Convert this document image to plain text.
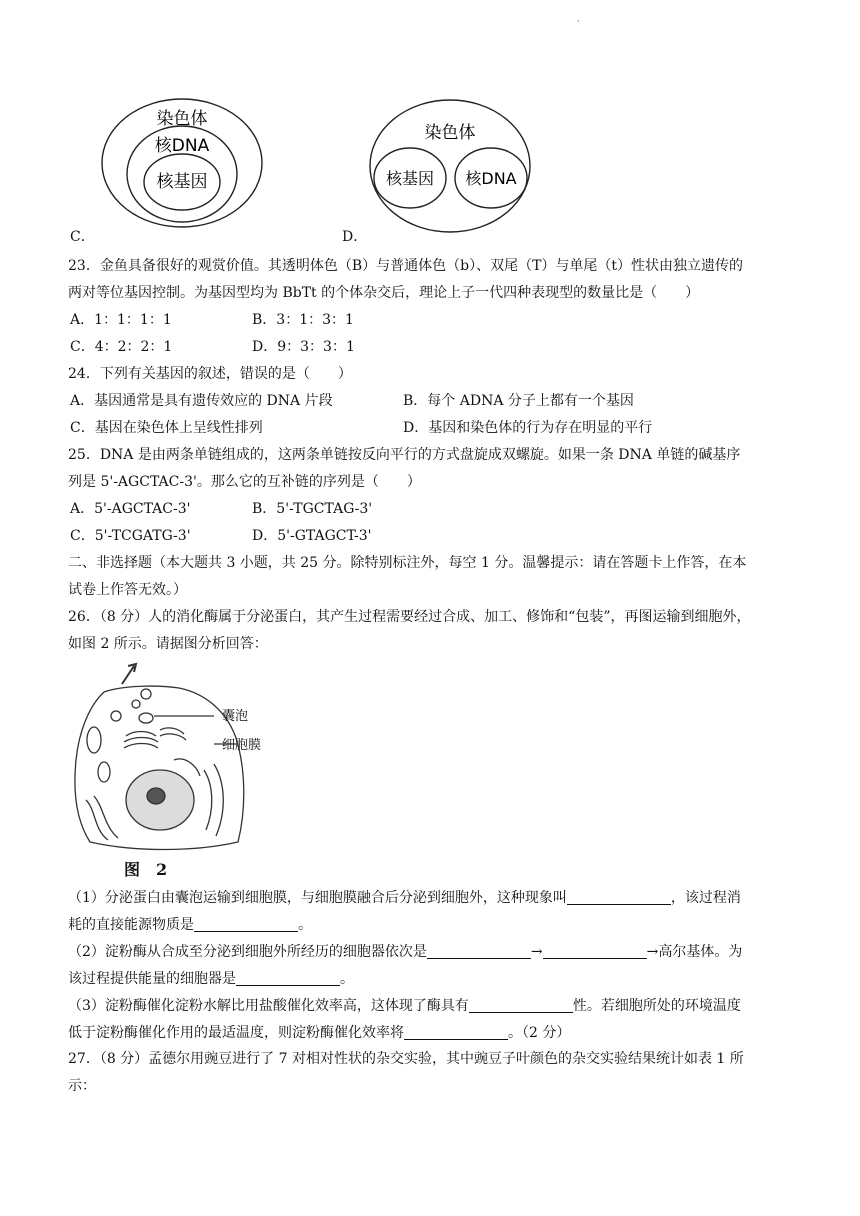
·
染色体
核DNA
核基因
C．
染色体
核基因 核DNA
D．
23．金鱼具备很好的观赏价值。其透明体色（B）与普通体色（b）、双尾（T）与单尾（t）性状由独立遗传的
两对等位基因控制。为基因型均为 BbTt 的个体杂交后，理论上子一代四种表现型的数量比是（　　）
A．1：1：1：1	B．3：1：3：1
C．4：2：2：1	D．9：3：3：1
24．下列有关基因的叙述，错误的是（　　）
A．基因通常是具有遗传效应的 DNA 片段	B．每个 ADNA 分子上都有一个基因
C．基因在染色体上呈线性排列	D．基因和染色体的行为存在明显的平行
25．DNA 是由两条单链组成的，这两条单链按反向平行的方式盘旋成双螺旋。如果一条 DNA 单链的碱基序
列是 5'-AGCTAC-3'。那么它的互补链的序列是（　　）
A．5'-AGCTAC-3'	B．5'-TGCTAG-3'
C．5'-TCGATG-3'	D．5'-GTAGCT-3'
二、非选择题（本大题共 3 小题，共 25 分。除特别标注外，每空 1 分。温馨提示：请在答题卡上作答，在本
试卷上作答无效。）
26．（8 分）人的消化酶属于分泌蛋白，其产生过程需要经过合成、加工、修饰和“包装”，再图运输到细胞外，
如图 2 所示。请据图分析回答：
囊泡
细胞膜
图　2
（1）分泌蛋白由囊泡运输到细胞膜，与细胞膜融合后分泌到细胞外，这种现象叫	，该过程消
耗的直接能源物质是	。
（2）淀粉酶从合成至分泌到细胞外所经历的细胞器依次是	→	→高尔基体。为
该过程提供能量的细胞器是	。
（3）淀粉酶催化淀粉水解比用盐酸催化效率高，这体现了酶具有	性。若细胞所处的环境温度
低于淀粉酶催化作用的最适温度，则淀粉酶催化效率将	。（2 分）
27．（8 分）孟德尔用豌豆进行了 7 对相对性状的杂交实验，其中豌豆子叶颜色的杂交实验结果统计如表 1 所
示：
